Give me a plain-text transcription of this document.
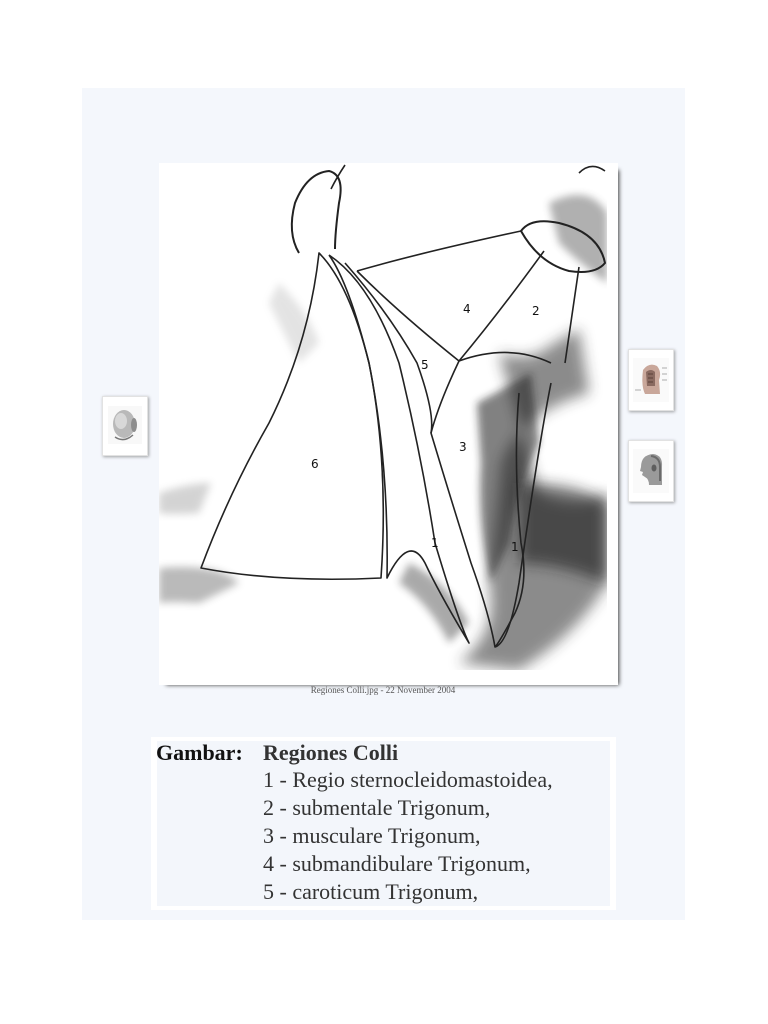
4	2
5
3
6
1	1
Regiones Colli.jpg - 22 November 2004
Gambar: Regiones Colli
1 - Regio sternocleidomastoidea,
2 - submentale Trigonum,
3 - musculare Trigonum,
4 - submandibulare Trigonum,
5 - caroticum Trigonum,
